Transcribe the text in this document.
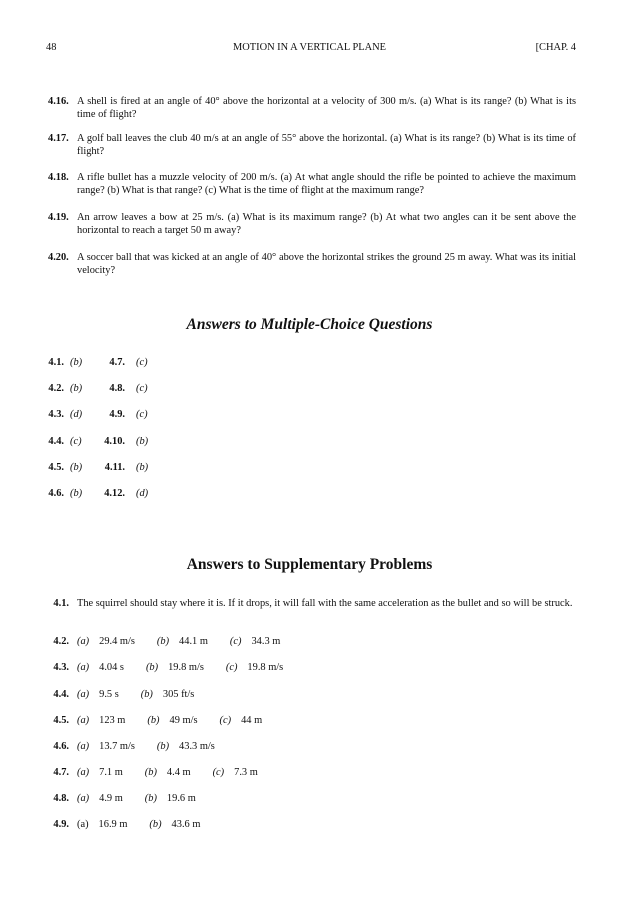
48	MOTION IN A VERTICAL PLANE	[CHAP. 4
4.16. A shell is fired at an angle of 40° above the horizontal at a velocity of 300 m/s. (a) What is its range? (b) What is its time of flight?
4.17. A golf ball leaves the club 40 m/s at an angle of 55° above the horizontal. (a) What is its range? (b) What is its time of flight?
4.18. A rifle bullet has a muzzle velocity of 200 m/s. (a) At what angle should the rifle be pointed to achieve the maximum range? (b) What is that range? (c) What is the time of flight at the maximum range?
4.19. An arrow leaves a bow at 25 m/s. (a) What is its maximum range? (b) At what two angles can it be sent above the horizontal to reach a target 50 m away?
4.20. A soccer ball that was kicked at an angle of 40° above the horizontal strikes the ground 25 m away. What was its initial velocity?
Answers to Multiple-Choice Questions
4.1. (b)
4.2. (b)
4.3. (d)
4.4. (c)
4.5. (b)
4.6. (b)
4.7. (c)
4.8. (c)
4.9. (c)
4.10. (b)
4.11. (b)
4.12. (d)
Answers to Supplementary Problems
4.1. The squirrel should stay where it is. If it drops, it will fall with the same acceleration as the bullet and so will be struck.
4.2. (a) 29.4 m/s (b) 44.1 m (c) 34.3 m
4.3. (a) 4.04 s (b) 19.8 m/s (c) 19.8 m/s
4.4. (a) 9.5 s (b) 305 ft/s
4.5. (a) 123 m (b) 49 m/s (c) 44 m
4.6. (a) 13.7 m/s (b) 43.3 m/s
4.7. (a) 7.1 m (b) 4.4 m (c) 7.3 m
4.8. (a) 4.9 m (b) 19.6 m
4.9. (a) 16.9 m (b) 43.6 m
